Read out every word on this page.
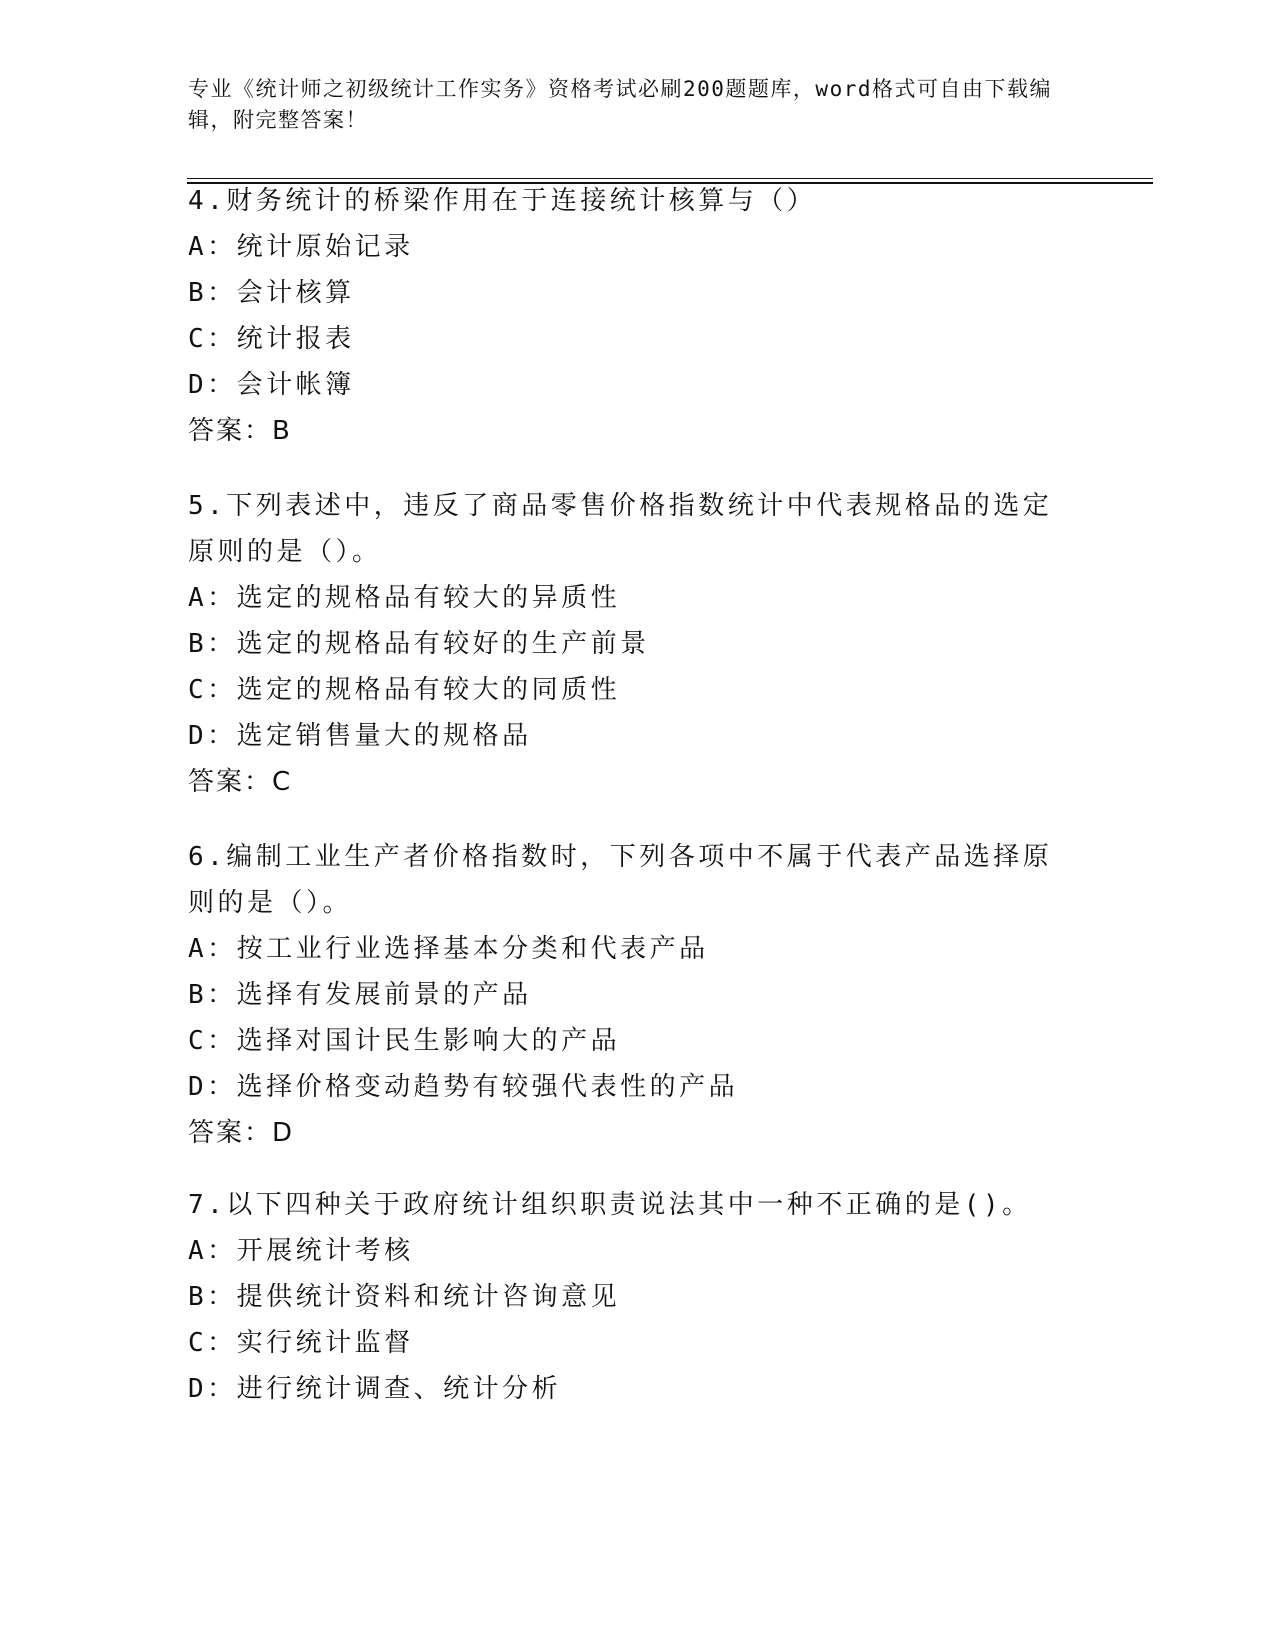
专业《统计师之初级统计工作实务》资格考试必刷200题题库，word格式可自由下载编辑，附完整答案！

4.财务统计的桥梁作用在于连接统计核算与（）

A：统计原始记录

B：会计核算

C：统计报表

D：会计帐簿

答案：B

5.下列表述中，违反了商品零售价格指数统计中代表规格品的选定原则的是（）。

A：选定的规格品有较大的异质性

B：选定的规格品有较好的生产前景

C：选定的规格品有较大的同质性

D：选定销售量大的规格品

答案：C

6.编制工业生产者价格指数时，下列各项中不属于代表产品选择原则的是（）。

A：按工业行业选择基本分类和代表产品

B：选择有发展前景的产品

C：选择对国计民生影响大的产品

D：选择价格变动趋势有较强代表性的产品

答案：D

7.以下四种关于政府统计组织职责说法其中一种不正确的是()。

A：开展统计考核

B：提供统计资料和统计咨询意见

C：实行统计监督

D：进行统计调查、统计分析
